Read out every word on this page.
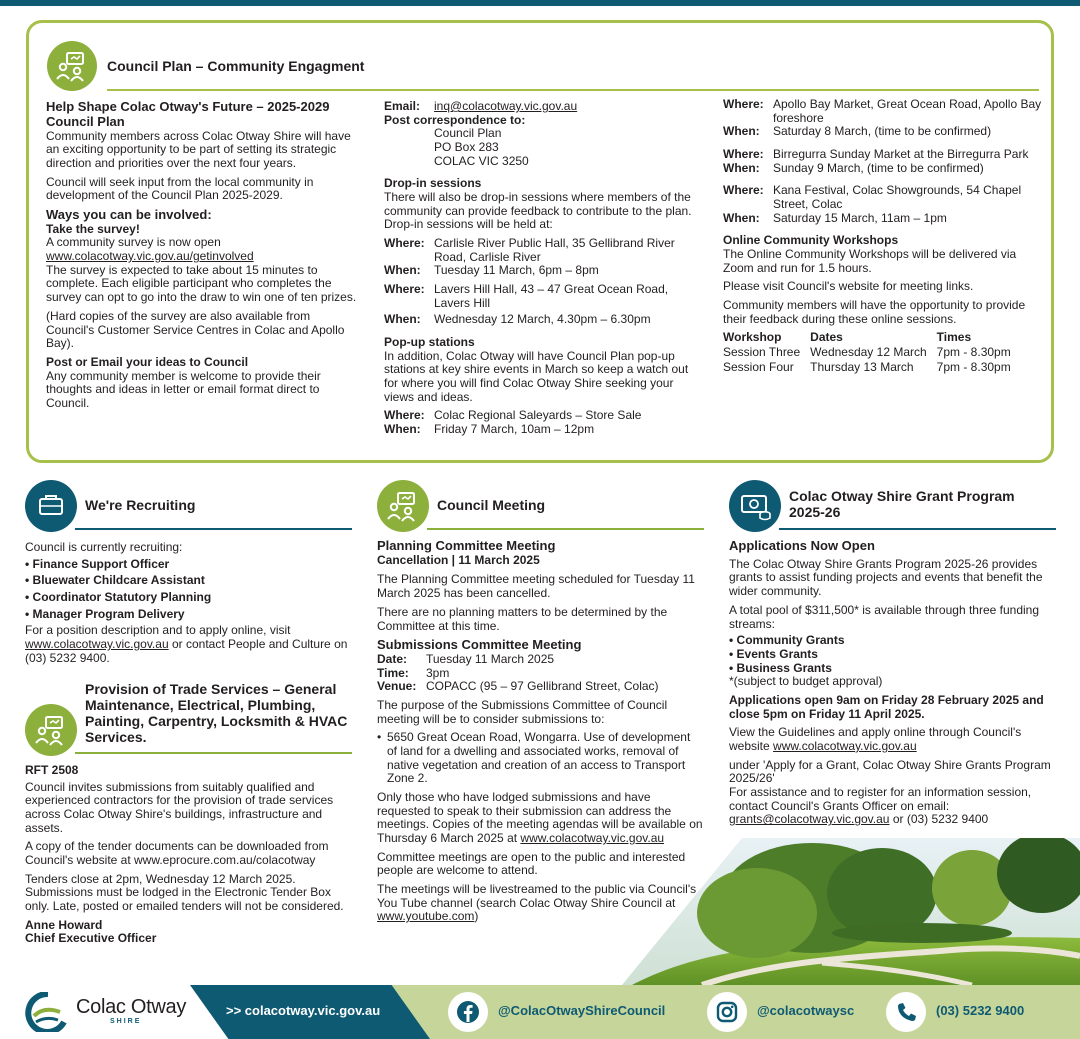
Council Plan – Community Engagment
Help Shape Colac Otway's Future – 2025-2029 Council Plan

Community members across Colac Otway Shire will have an exciting opportunity to be part of setting its strategic direction and priorities over the next four years.

Council will seek input from the local community in development of the Council Plan 2025-2029.

Ways you can be involved:
Take the survey!
A community survey is now open
www.colacotway.vic.gov.au/getinvolved

The survey is expected to take about 15 minutes to complete. Each eligible participant who completes the survey can opt to go into the draw to win one of ten prizes.

(Hard copies of the survey are also available from Council's Customer Service Centres in Colac and Apollo Bay).

Post or Email your ideas to Council
Any community member is welcome to provide their thoughts and ideas in letter or email format direct to Council.
Email:	inq@colacotway.vic.gov.au
Post correspondence to:
Council Plan
PO Box 283
COLAC VIC 3250
Drop-in sessions

There will also be drop-in sessions where members of the community can provide feedback to contribute to the plan. Drop-in sessions will be held at:

Where: Carlisle River Public Hall, 35 Gellibrand River Road, Carlisle River
When:	Tuesday 11 March, 6pm – 8pm
Where: Lavers Hill Hall, 43 – 47 Great Ocean Road, Lavers Hill
When:	Wednesday 12 March, 4.30pm – 6.30pm
Pop-up stations

In addition, Colac Otway will have Council Plan pop-up stations at key shire events in March so keep a watch out for where you will find Colac Otway Shire seeking your views and ideas.

Where: Colac Regional Saleyards – Store Sale
When:	Friday 7 March, 10am – 12pm
Where: Apollo Bay Market, Great Ocean Road, Apollo Bay foreshore
When:	Saturday 8 March, (time to be confirmed)
Where: Birregurra Sunday Market at the Birregurra Park
When:	Sunday 9 March, (time to be confirmed)
Where: Kana Festival, Colac Showgrounds, 54 Chapel Street, Colac
When:	Saturday 15 March, 11am – 1pm
Online Community Workshops

The Online Community Workshops will be delivered via Zoom and run for 1.5 hours.

Please visit Council's website for meeting links.

Community members will have the opportunity to provide their feedback during these online sessions.

Workshop	Dates	Times
Session Three	Wednesday 12 March	7pm - 8.30pm
Session Four	Thursday 13 March	7pm - 8.30pm
We're Recruiting
Council is currently recruiting:
• Finance Support Officer
• Bluewater Childcare Assistant
• Coordinator Statutory Planning
• Manager Program Delivery

For a position description and to apply online, visit www.colacotway.vic.gov.au or contact People and Culture on (03) 5232 9400.

Provision of Trade Services – General Maintenance, Electrical, Plumbing, Painting, Carpentry, Locksmith & HVAC Services.
RFT 2508

Council invites submissions from suitably qualified and experienced contractors for the provision of trade services across Colac Otway Shire's buildings, infrastructure and assets.

A copy of the tender documents can be downloaded from Council's website at www.eprocure.com.au/colacotway

Tenders close at 2pm, Wednesday 12 March 2025. Submissions must be lodged in the Electronic Tender Box only. Late, posted or emailed tenders will not be considered.

Anne Howard
Chief Executive Officer
Council Meeting
Planning Committee Meeting
Cancellation | 11 March 2025

The Planning Committee meeting scheduled for Tuesday 11 March 2025 has been cancelled.

There are no planning matters to be determined by the Committee at this time.

Submissions Committee Meeting
Date:	Tuesday 11 March 2025
Time:	3pm
Venue: COPACC (95 – 97 Gellibrand Street, Colac)

The purpose of the Submissions Committee of Council meeting will be to consider submissions to:

• 5650 Great Ocean Road, Wongarra. Use of development of land for a dwelling and associated works, removal of native vegetation and creation of an access to Transport Zone 2.

Only those who have lodged submissions and have requested to speak to their submission can address the meetings. Copies of the meeting agendas will be available on Thursday 6 March 2025 at www.colacotway.vic.gov.au

Committee meetings are open to the public and interested people are welcome to attend.

The meetings will be livestreamed to the public via Council's You Tube channel (search Colac Otway Shire Council at www.youtube.com)

Colac Otway Shire Grant Program 2025-26
Applications Now Open

The Colac Otway Shire Grants Program 2025-26 provides grants to assist funding projects and events that benefit the wider community.

A total pool of $311,500* is available through three funding streams:

• Community Grants
• Events Grants
• Business Grants
*(subject to budget approval)

Applications open 9am on Friday 28 February 2025 and close 5pm on Friday 11 April 2025.

View the Guidelines and apply online through Council's website www.colacotway.vic.gov.au

under 'Apply for a Grant, Colac Otway Shire Grants Program 2025/26'
For assistance and to register for an information session, contact Council's Grants Officer on email: grants@colacotway.vic.gov.au or (03) 5232 9400
Colac Otway
SHIRE
>> colacotway.vic.gov.au	@ColacOtwayShireCouncil	@colacotwaysc	(03) 5232 9400
